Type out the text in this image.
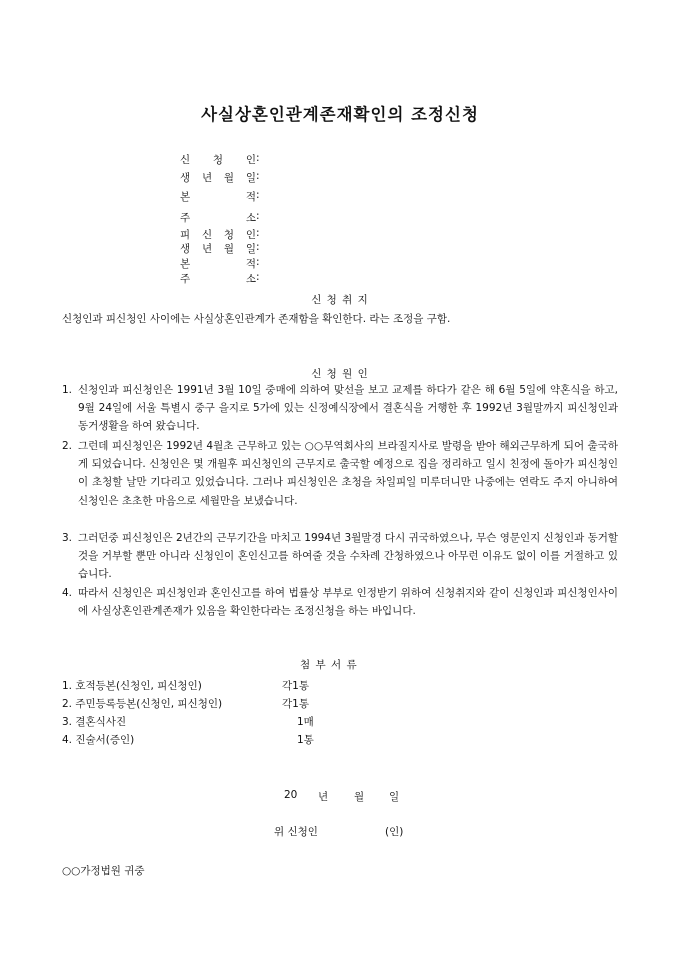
사실상혼인관계존재확인의 조정신청
신 청 인 :
생 년 월 일 :
본 적 :
주 소 :
피 신 청 인 :
생 년 월 일 :
본 적 :
주 소 :
신 청 취 지
신청인과 피신청인 사이에는 사실상혼인관계가 존재함을 확인한다. 라는 조정을 구함.
신 청 원 인
1. 신청인과 피신청인은 1991년 3월 10일 중매에 의하여 맞선을 보고 교제를 하다가 같은 해 6월 5일에 약혼식을 하고, 9월 24일에 서울 특별시 중구 을지로 5가에 있는 신정예식장에서 결혼식을 거행한 후 1992년 3월말까지 피신청인과 동거생활을 하여 왔습니다.
2. 그런데 피신청인은 1992년 4월초 근무하고 있는 ○○무역회사의 브라질지사로 발령을 받아 해외근무하게 되어 출국하게 되었습니다. 신청인은 몇 개월후 피신청인의 근무지로 출국할 예정으로 집을 정리하고 일시 친정에 돌아가 피신청인이 초청할 날만 기다리고 있었습니다. 그러나 피신청인은 초청을 차일피일 미루더니만 나중에는 연락도 주지 아니하여 신청인은 초초한 마음으로 세월만을 보냈습니다.
3. 그러던중 피신청인은 2년간의 근무기간을 마치고 1994년 3월말경 다시 귀국하였으나, 무슨 영문인지 신청인과 동거할 것을 거부할 뿐만 아니라 신청인이 혼인신고를 하여줄 것을 수차례 간청하였으나 아무런 이유도 없이 이를 거절하고 있습니다.
4. 따라서 신청인은 피신청인과 혼인신고를 하여 법률상 부부로 인정받기 위하여 신청취지와 같이 신청인과 피신청인사이에 사실상혼인관계존재가 있음을 확인한다라는 조정신청을 하는 바입니다.
첨 부 서 류
1. 호적등본(신청인, 피신청인)	각1통
2. 주민등록등본(신청인, 피신청인)	각1통
3. 결혼식사진	1매
4. 진술서(증인)	1통
20 년 월 일
위 신청인	(인)
○○가정법원 귀중
